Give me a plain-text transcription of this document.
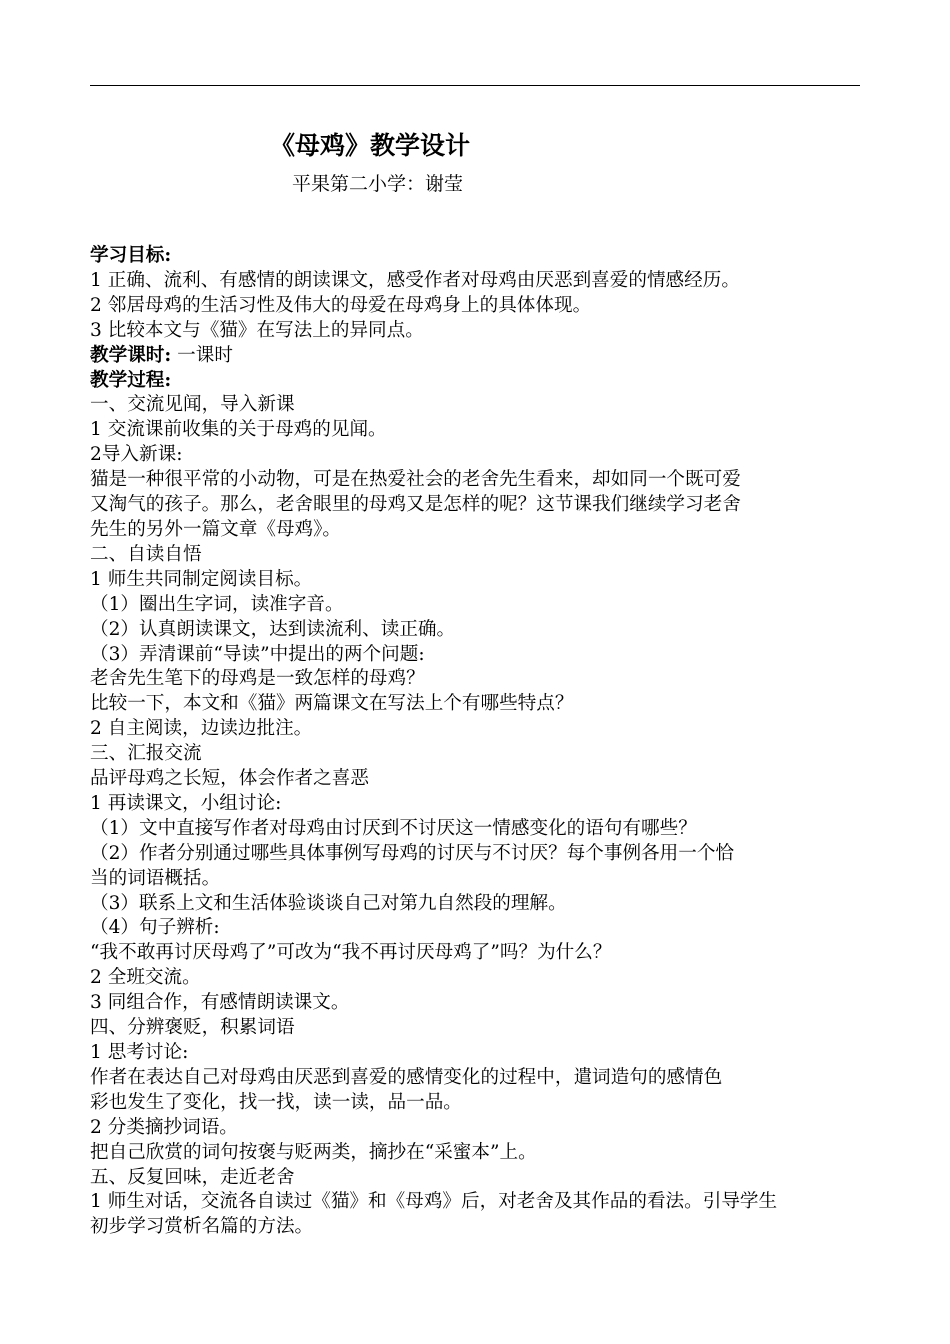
《母鸡》教学设计
平果第二小学：谢莹

学习目标:

1 正确、流利、有感情的朗读课文，感受作者对母鸡由厌恶到喜爱的情感经历。

2 邻居母鸡的生活习性及伟大的母爱在母鸡身上的具体体现。

3 比较本文与《猫》在写法上的异同点。

教学课时: 一课时

教学过程:

一、交流见闻，导入新课

1 交流课前收集的关于母鸡的见闻。

2导入新课:

猫是一种很平常的小动物，可是在热爱社会的老舍先生看来，却如同一个既可爱

又淘气的孩子。那么，老舍眼里的母鸡又是怎样的呢？这节课我们继续学习老舍

先生的另外一篇文章《母鸡》。

二、自读自悟

1 师生共同制定阅读目标。

（1）圈出生字词，读准字音。

（2）认真朗读课文，达到读流利、读正确。

（3）弄清课前“导读”中提出的两个问题:

老舍先生笔下的母鸡是一致怎样的母鸡？

比较一下，本文和《猫》两篇课文在写法上个有哪些特点？

2 自主阅读，边读边批注。

三、汇报交流

品评母鸡之长短，体会作者之喜恶

1 再读课文，小组讨论:

（1）文中直接写作者对母鸡由讨厌到不讨厌这一情感变化的语句有哪些？

（2）作者分别通过哪些具体事例写母鸡的讨厌与不讨厌？每个事例各用一个恰

当的词语概括。

（3）联系上文和生活体验谈谈自己对第九自然段的理解。

（4）句子辨析:

“我不敢再讨厌母鸡了”可改为“我不再讨厌母鸡了”吗？为什么？

2 全班交流。

3 同组合作，有感情朗读课文。

四、分辨褒贬，积累词语

1 思考讨论:

作者在表达自己对母鸡由厌恶到喜爱的感情变化的过程中，遣词造句的感情色

彩也发生了变化，找一找，读一读，品一品。

2 分类摘抄词语。

把自己欣赏的词句按褒与贬两类，摘抄在“采蜜本”上。

五、反复回味，走近老舍

1 师生对话，交流各自读过《猫》和《母鸡》后，对老舍及其作品的看法。引导学生

初步学习赏析名篇的方法。
